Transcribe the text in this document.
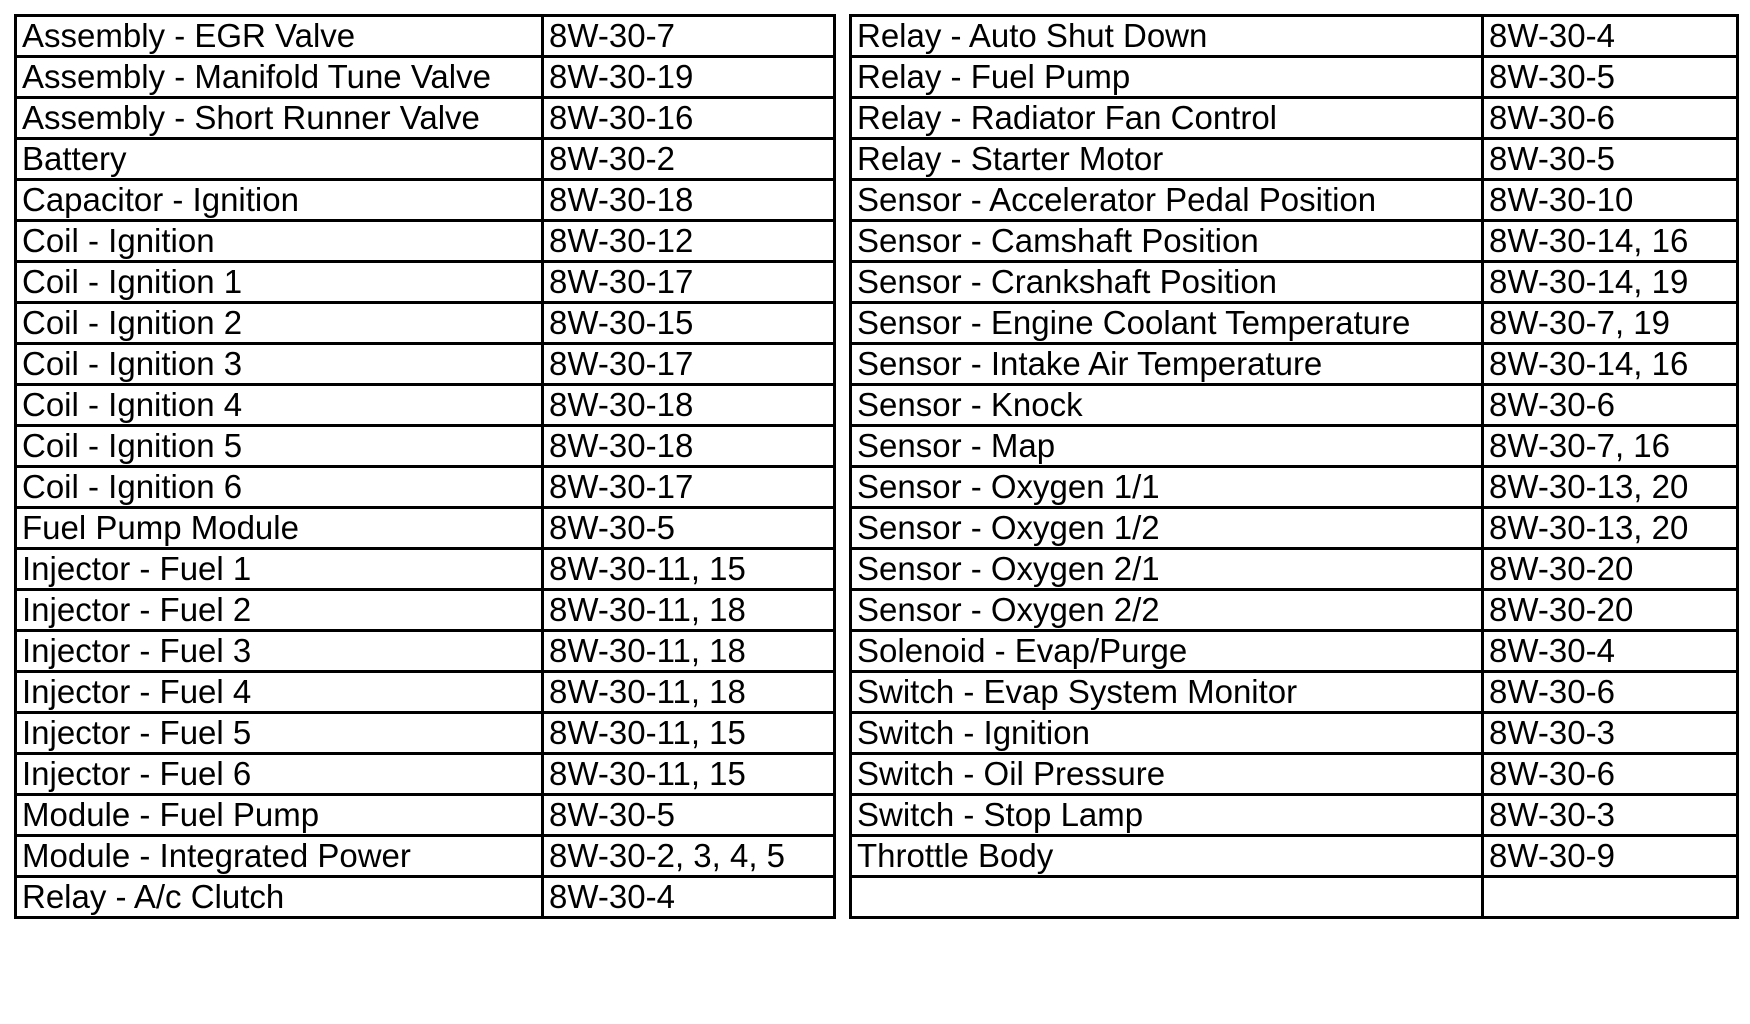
Assembly - EGR Valve	8W-30-7
Assembly - Manifold Tune Valve	8W-30-19
Assembly - Short Runner Valve	8W-30-16
Battery	8W-30-2
Capacitor - Ignition	8W-30-18
Coil - Ignition	8W-30-12
Coil - Ignition 1	8W-30-17
Coil - Ignition 2	8W-30-15
Coil - Ignition 3	8W-30-17
Coil - Ignition 4	8W-30-18
Coil - Ignition 5	8W-30-18
Coil - Ignition 6	8W-30-17
Fuel Pump Module	8W-30-5
Injector - Fuel 1	8W-30-11, 15
Injector - Fuel 2	8W-30-11, 18
Injector - Fuel 3	8W-30-11, 18
Injector - Fuel 4	8W-30-11, 18
Injector - Fuel 5	8W-30-11, 15
Injector - Fuel 6	8W-30-11, 15
Module - Fuel Pump	8W-30-5
Module - Integrated Power	8W-30-2, 3, 4, 5
Relay - A/c Clutch	8W-30-4
Relay - Auto Shut Down	8W-30-4
Relay - Fuel Pump	8W-30-5
Relay - Radiator Fan Control	8W-30-6
Relay - Starter Motor	8W-30-5
Sensor - Accelerator Pedal Position	8W-30-10
Sensor - Camshaft Position	8W-30-14, 16
Sensor - Crankshaft Position	8W-30-14, 19
Sensor - Engine Coolant Temperature	8W-30-7, 19
Sensor - Intake Air Temperature	8W-30-14, 16
Sensor - Knock	8W-30-6
Sensor - Map	8W-30-7, 16
Sensor - Oxygen 1/1	8W-30-13, 20
Sensor - Oxygen 1/2	8W-30-13, 20
Sensor - Oxygen 2/1	8W-30-20
Sensor - Oxygen 2/2	8W-30-20
Solenoid - Evap/Purge	8W-30-4
Switch - Evap System Monitor	8W-30-6
Switch - Ignition	8W-30-3
Switch - Oil Pressure	8W-30-6
Switch - Stop Lamp	8W-30-3
Throttle Body	8W-30-9
